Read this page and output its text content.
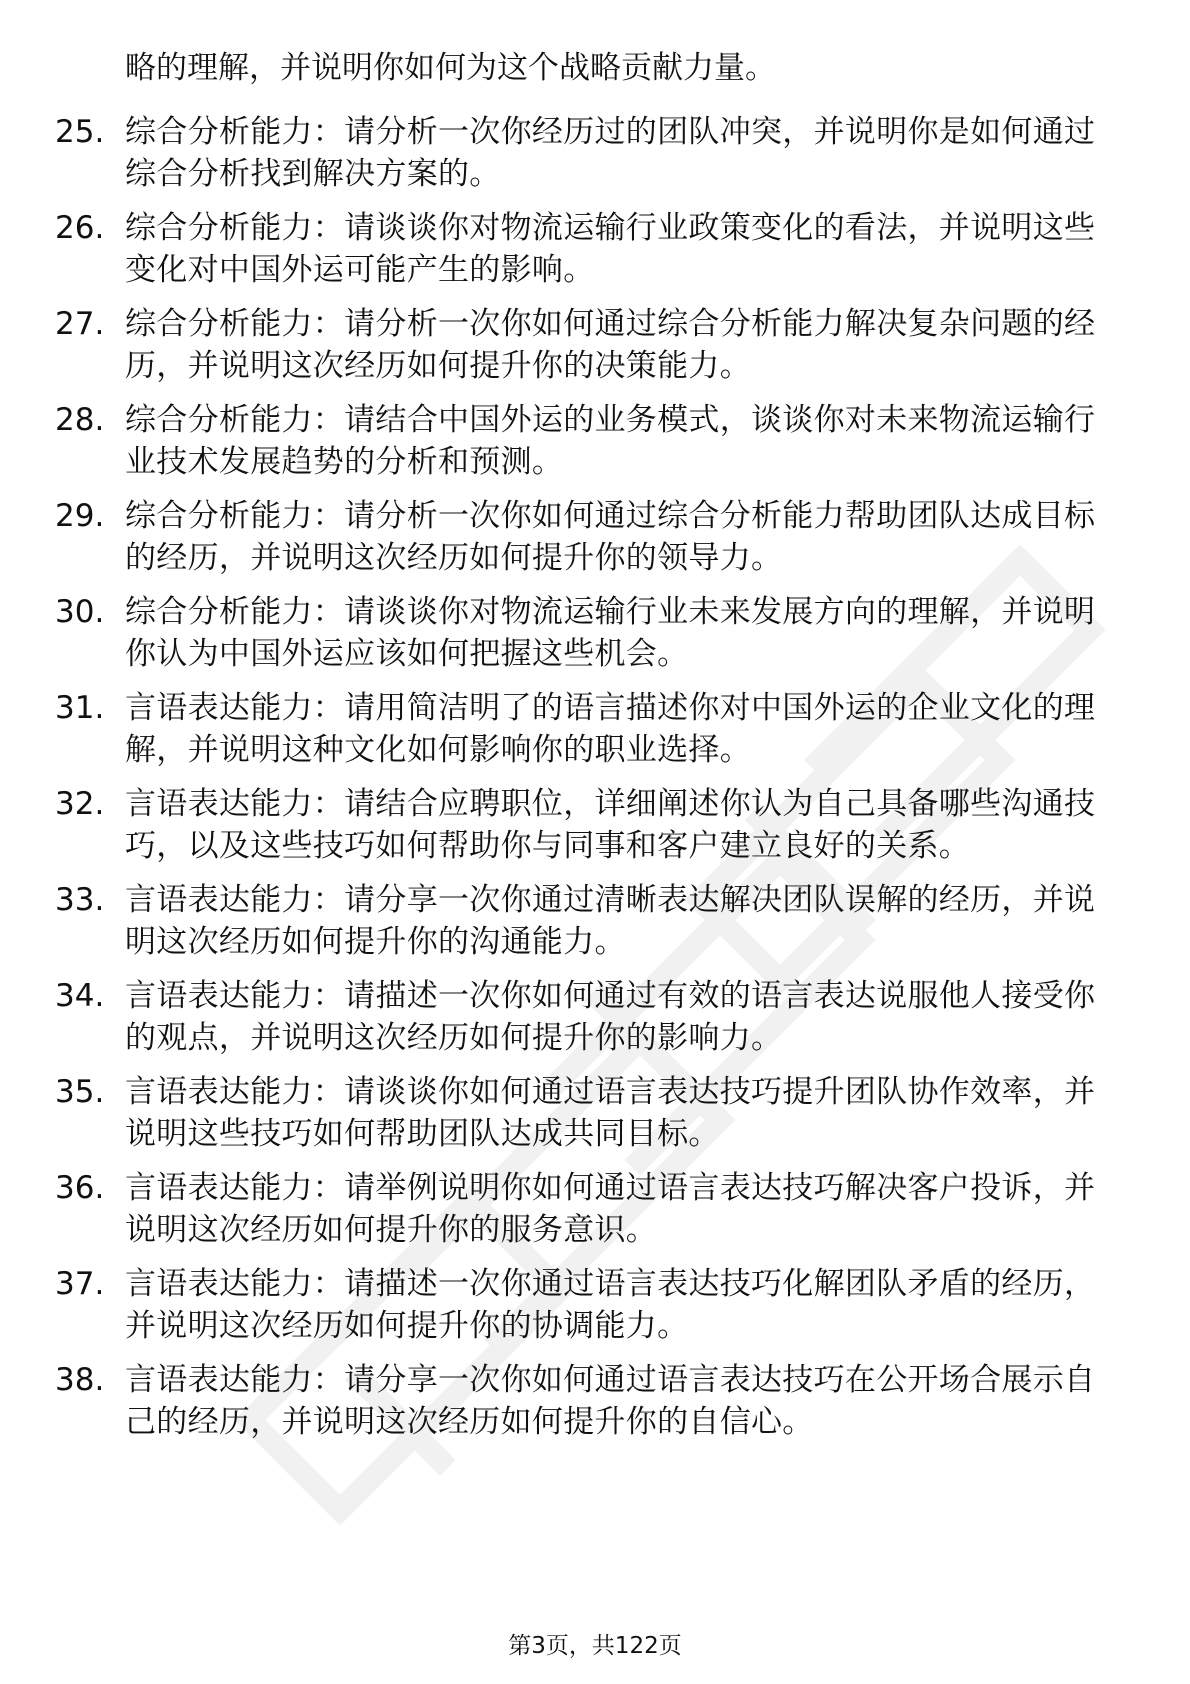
略的理解，并说明你如何为这个战略贡献力量。
25. 综合分析能力：请分析一次你经历过的团队冲突，并说明你是如何通过综合分析找到解决方案的。
26. 综合分析能力：请谈谈你对物流运输行业政策变化的看法，并说明这些变化对中国外运可能产生的影响。
27. 综合分析能力：请分析一次你如何通过综合分析能力解决复杂问题的经历，并说明这次经历如何提升你的决策能力。
28. 综合分析能力：请结合中国外运的业务模式，谈谈你对未来物流运输行业技术发展趋势的分析和预测。
29. 综合分析能力：请分析一次你如何通过综合分析能力帮助团队达成目标的经历，并说明这次经历如何提升你的领导力。
30. 综合分析能力：请谈谈你对物流运输行业未来发展方向的理解，并说明你认为中国外运应该如何把握这些机会。
31. 言语表达能力：请用简洁明了的语言描述你对中国外运的企业文化的理解，并说明这种文化如何影响你的职业选择。
32. 言语表达能力：请结合应聘职位，详细阐述你认为自己具备哪些沟通技巧，以及这些技巧如何帮助你与同事和客户建立良好的关系。
33. 言语表达能力：请分享一次你通过清晰表达解决团队误解的经历，并说明这次经历如何提升你的沟通能力。
34. 言语表达能力：请描述一次你如何通过有效的语言表达说服他人接受你的观点，并说明这次经历如何提升你的影响力。
35. 言语表达能力：请谈谈你如何通过语言表达技巧提升团队协作效率，并说明这些技巧如何帮助团队达成共同目标。
36. 言语表达能力：请举例说明你如何通过语言表达技巧解决客户投诉，并说明这次经历如何提升你的服务意识。
37. 言语表达能力：请描述一次你通过语言表达技巧化解团队矛盾的经历，并说明这次经历如何提升你的协调能力。
38. 言语表达能力：请分享一次你如何通过语言表达技巧在公开场合展示自己的经历，并说明这次经历如何提升你的自信心。
第3页，共122页
